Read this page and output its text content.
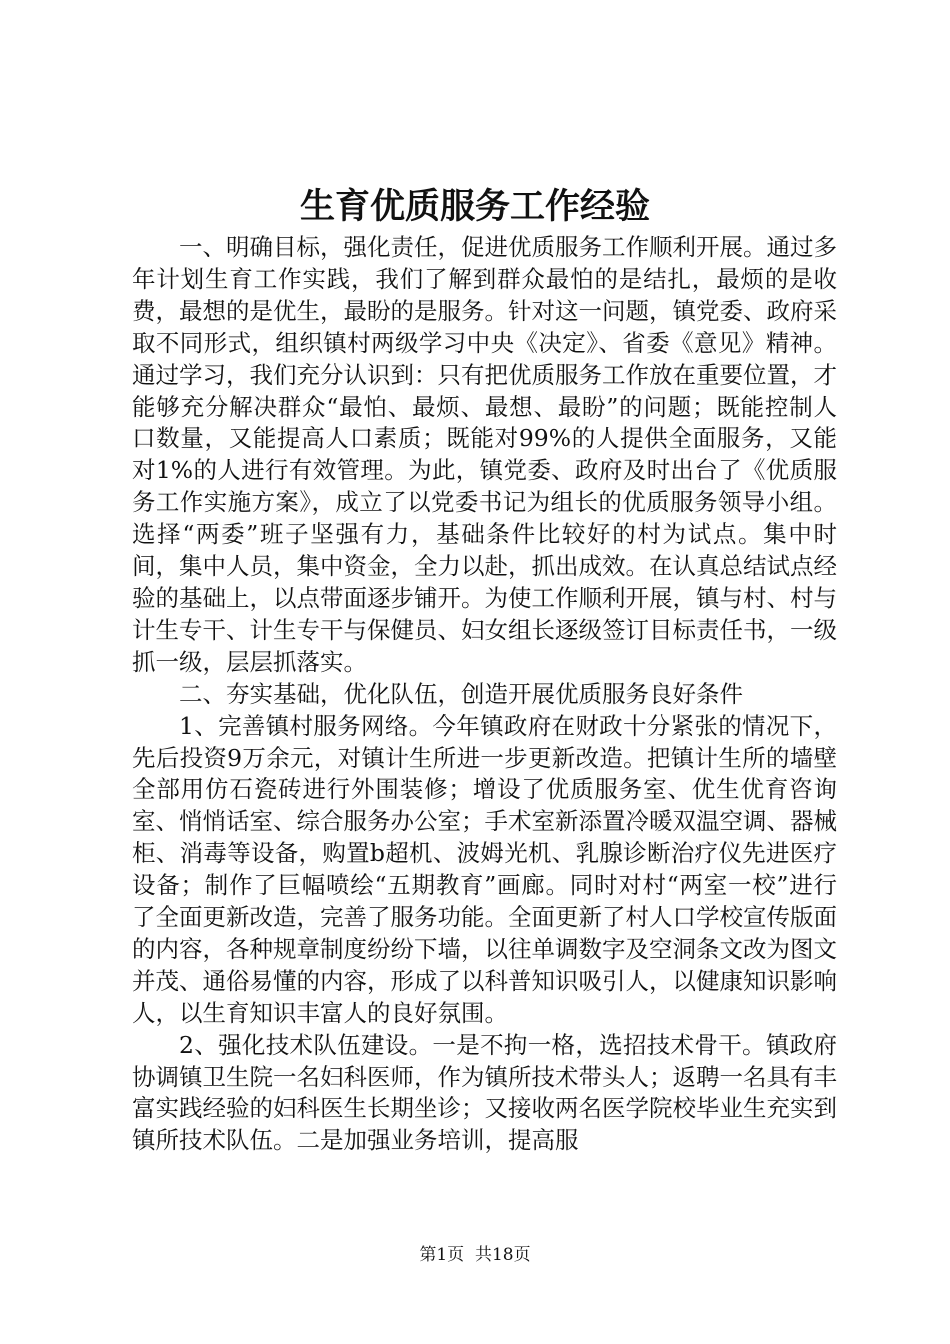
生育优质服务工作经验

一、明确目标，强化责任，促进优质服务工作顺利开展。通过多年计划生育工作实践，我们了解到群众最怕的是结扎，最烦的是收费，最想的是优生，最盼的是服务。针对这一问题，镇党委、政府采取不同形式，组织镇村两级学习中央《决定》、省委《意见》精神。通过学习，我们充分认识到：只有把优质服务工作放在重要位置，才能够充分解决群众“最怕、最烦、最想、最盼”的问题；既能控制人口数量，又能提高人口素质；既能对99%的人提供全面服务，又能对1%的人进行有效管理。为此，镇党委、政府及时出台了《优质服务工作实施方案》，成立了以党委书记为组长的优质服务领导小组。选择“两委”班子坚强有力，基础条件比较好的村为试点。集中时间，集中人员，集中资金，全力以赴，抓出成效。在认真总结试点经验的基础上，以点带面逐步铺开。为使工作顺利开展，镇与村、村与计生专干、计生专干与保健员、妇女组长逐级签订目标责任书，一级抓一级，层层抓落实。

二、夯实基础，优化队伍，创造开展优质服务良好条件

1、完善镇村服务网络。今年镇政府在财政十分紧张的情况下，先后投资9万余元，对镇计生所进一步更新改造。把镇计生所的墙壁全部用仿石瓷砖进行外围装修；增设了优质服务室、优生优育咨询室、悄悄话室、综合服务办公室；手术室新添置冷暖双温空调、器械柜、消毒等设备，购置b超机、波姆光机、乳腺诊断治疗仪先进医疗设备；制作了巨幅喷绘“五期教育”画廊。同时对村“两室一校”进行了全面更新改造，完善了服务功能。全面更新了村人口学校宣传版面的内容，各种规章制度纷纷下墙，以往单调数字及空洞条文改为图文并茂、通俗易懂的内容，形成了以科普知识吸引人，以健康知识影响人，以生育知识丰富人的良好氛围。

2、强化技术队伍建设。一是不拘一格，选招技术骨干。镇政府协调镇卫生院一名妇科医师，作为镇所技术带头人；返聘一名具有丰富实践经验的妇科医生长期坐诊；又接收两名医学院校毕业生充实到镇所技术队伍。二是加强业务培训，提高服

第1页  共18页
